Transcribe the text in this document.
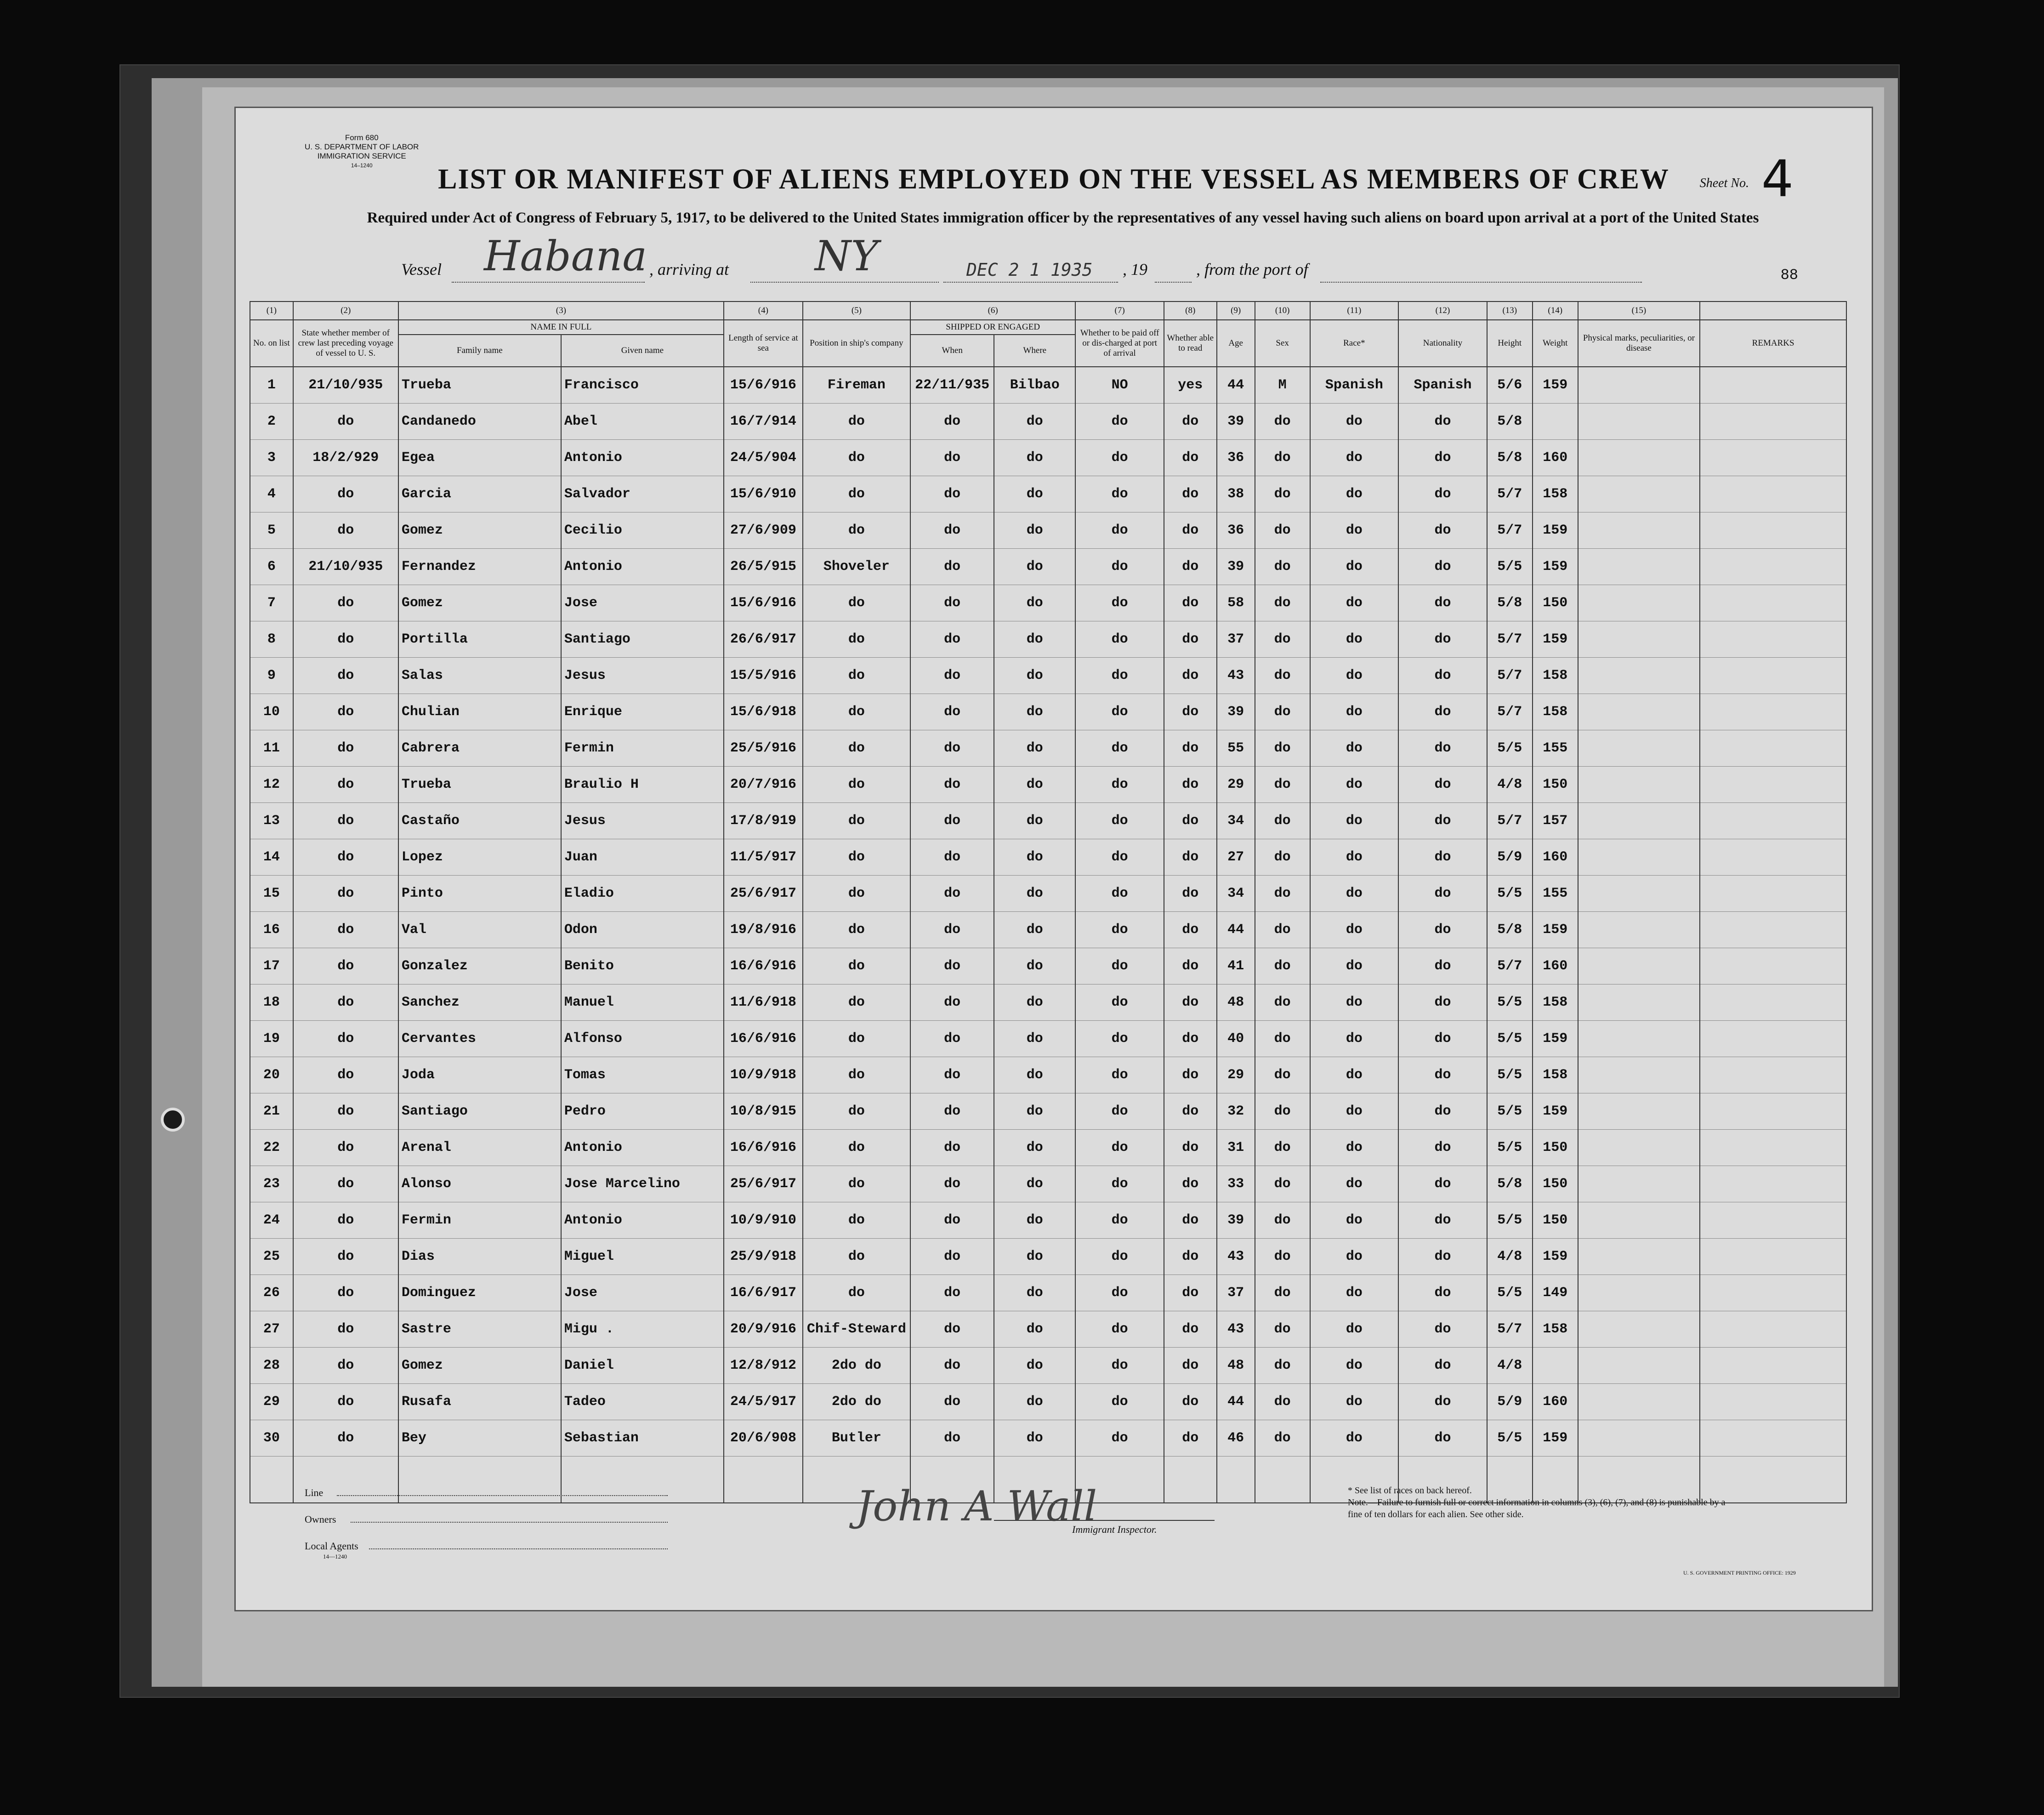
Form 680
U. S. DEPARTMENT OF LABOR
IMMIGRATION SERVICE
14–1240
Sheet No. 4
LIST OR MANIFEST OF ALIENS EMPLOYED ON THE VESSEL AS MEMBERS OF CREW
Required under Act of Congress of February 5, 1917, to be delivered to the United States immigration officer by the representatives of any vessel having such aliens on board upon arrival at a port of the United States
Vessel Habana , arriving at NY	DEC 2 1 1935 , 19	, from the port of	88
(1)	(2)	(3)		(4)	(5)	(6)		(7)	(8)	(9)	(10)	(11)	(12)	(13)	(14)	(15)	
No. on list	State whether member of crew last preceding voyage of vessel to U. S.	NAME IN FULL		Length of service at sea	Position in ship's company	SHIPPED OR ENGAGED		Whether to be paid off or dis-charged at port of arrival	Whether able to read	Age	Sex	Race*	Nationality	Height	Weight	Physical marks, peculiarities, or disease	REMARKS
		Family name	Given name			When	Where										
1	21/10/935	Trueba	Francisco	15/6/916	Fireman	22/11/935	Bilbao	NO	yes	44	M	Spanish	Spanish	5/6	159		
2	do	Candanedo	Abel	16/7/914	do	do	do	do	do	39	do	do	do	5/8			
3	18/2/929	Egea	Antonio	24/5/904	do	do	do	do	do	36	do	do	do	5/8	160		
4	do	Garcia	Salvador	15/6/910	do	do	do	do	do	38	do	do	do	5/7	158		
5	do	Gomez	Cecilio	27/6/909	do	do	do	do	do	36	do	do	do	5/7	159		
6	21/10/935	Fernandez	Antonio	26/5/915	Shoveler	do	do	do	do	39	do	do	do	5/5	159		
7	do	Gomez	Jose	15/6/916	do	do	do	do	do	58	do	do	do	5/8	150		
8	do	Portilla	Santiago	26/6/917	do	do	do	do	do	37	do	do	do	5/7	159		
9	do	Salas	Jesus	15/5/916	do	do	do	do	do	43	do	do	do	5/7	158		
10	do	Chulian	Enrique	15/6/918	do	do	do	do	do	39	do	do	do	5/7	158		
11	do	Cabrera	Fermin	25/5/916	do	do	do	do	do	55	do	do	do	5/5	155		
12	do	Trueba	Braulio H	20/7/916	do	do	do	do	do	29	do	do	do	4/8	150		
13	do	Castaño	Jesus	17/8/919	do	do	do	do	do	34	do	do	do	5/7	157		
14	do	Lopez	Juan	11/5/917	do	do	do	do	do	27	do	do	do	5/9	160		
15	do	Pinto	Eladio	25/6/917	do	do	do	do	do	34	do	do	do	5/5	155		
16	do	Val	Odon	19/8/916	do	do	do	do	do	44	do	do	do	5/8	159		
17	do	Gonzalez	Benito	16/6/916	do	do	do	do	do	41	do	do	do	5/7	160		
18	do	Sanchez	Manuel	11/6/918	do	do	do	do	do	48	do	do	do	5/5	158		
19	do	Cervantes	Alfonso	16/6/916	do	do	do	do	do	40	do	do	do	5/5	159		
20	do	Joda	Tomas	10/9/918	do	do	do	do	do	29	do	do	do	5/5	158		
21	do	Santiago	Pedro	10/8/915	do	do	do	do	do	32	do	do	do	5/5	159		
22	do	Arenal	Antonio	16/6/916	do	do	do	do	do	31	do	do	do	5/5	150		
23	do	Alonso	Jose Marcelino	25/6/917	do	do	do	do	do	33	do	do	do	5/8	150		
24	do	Fermin	Antonio	10/9/910	do	do	do	do	do	39	do	do	do	5/5	150		
25	do	Dias	Miguel	25/9/918	do	do	do	do	do	43	do	do	do	4/8	159		
26	do	Dominguez	Jose	16/6/917	do	do	do	do	do	37	do	do	do	5/5	149		
27	do	Sastre	Migu .	20/9/916	Chif-Steward	do	do	do	do	43	do	do	do	5/7	158		
28	do	Gomez	Daniel	12/8/912	2do do	do	do	do	do	48	do	do	do	4/8			
29	do	Rusafa	Tadeo	24/5/917	2do do	do	do	do	do	44	do	do	do	5/9	160		
30	do	Bey	Sebastian	20/6/908	Butler	do	do	do	do	46	do	do	do	5/5	159		

Line
Owners
Local Agents
14—1240
John A Wall
Immigrant Inspector.
* See list of races on back hereof.
Note.—Failure to furnish full or correct information in columns (3), (6), (7), and (8) is punishable by a fine of ten dollars for each alien. See other side.
U. S. GOVERNMENT PRINTING OFFICE: 1929
